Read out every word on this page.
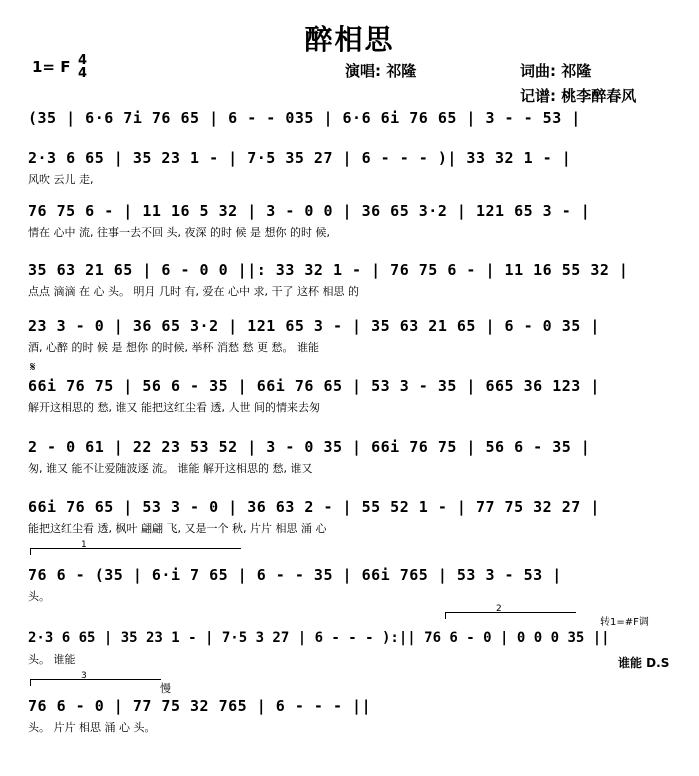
醉相思
1= F 4
4	演唱: 祁隆	词曲: 祁隆
记谱: 桃李醉春风
(35 | 6·6 7i 76 65 | 6 - - 035 | 6·6 6i 76 65 | 3 - - 53 |
2·3 6 65 | 35 23 1 - | 7·5 35 27 | 6 - - - )| 33 32 1 - |
风吹 云儿 走,
76 75 6 - | 11 16 5 32 | 3 - 0 0 | 36 65 3·2 | 121 65 3 - |
情在 心中 流, 往事一去不回 头, 夜深 的时 候 是 想你 的时 候,
35 63 21 65 | 6 - 0 0 ||: 33 32 1 - | 76 75 6 - | 11 16 55 32 |
点点 滴滴 在 心 头。 明月 几时 有, 爱在 心中 求, 干了 这杯 相思 的
23 3 - 0 | 36 65 3·2 | 121 65 3 - | 35 63 21 65 | 6 - 0 35 |
酒, 心醉 的时 候 是 想你 的时候, 举杯 消愁 愁 更 愁。 谁能
𝄋
66i 76 75 | 56 6 - 35 | 66i 76 65 | 53 3 - 35 | 665 36 123 |
解开这相思的 愁, 谁又 能把这红尘看 透, 人世 间的情来去匆
2 - 0 61 | 22 23 53 52 | 3 - 0 35 | 66i 76 75 | 56 6 - 35 |
匆, 谁又 能不让爱随波逐 流。 谁能 解开这相思的 愁, 谁又
66i 76 65 | 53 3 - 0 | 36 63 2 - | 55 52 1 - | 77 75 32 27 |
能把这红尘看 透, 枫叶 翩翩 飞, 又是一个 秋, 片片 相思 涌 心
1
76 6 - (35 | 6·i 7 65 | 6 - - 35 | 66i 765 | 53 3 - 53 |
头。
2
转1=#F调
2·3 6 65 | 35 23 1 - | 7·5 3 27 | 6 - - - ):|| 76 6 - 0 | 0 0 0 35 ||
头。 谁能	谁能 D.S
3
慢
76 6 - 0 | 77 75 32 765 | 6 - - - ||
头。 片片 相思 涌 心 头。
